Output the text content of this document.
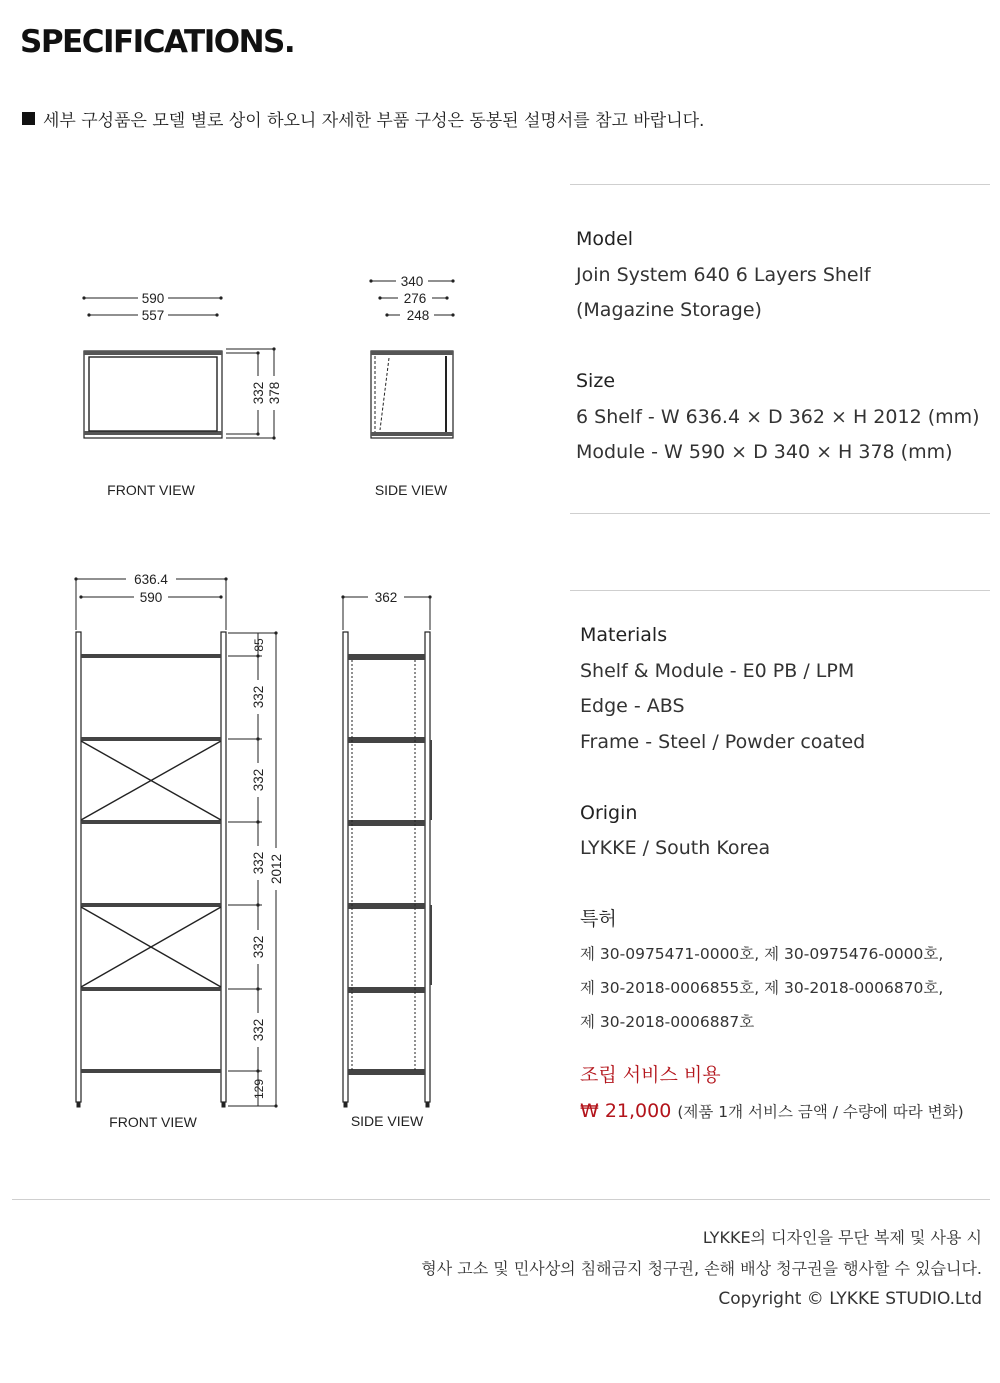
SPECIFICATIONS.
세부 구성품은 모델 별로 상이 하오니 자세한 부품 구성은 동봉된 설명서를 참고 바랍니다.
590
557
332 378
FRONT VIEW
340
276
248
SIDE VIEW
636.4
590
85
332
332
332
332
332
129
2012
FRONT VIEW
362
SIDE VIEW
Model
Join System 640 6 Layers Shelf
(Magazine Storage)
Size
6 Shelf - W 636.4 × D 362 × H 2012 (mm)
Module - W 590 × D 340 × H 378 (mm)
Materials
Shelf & Module - E0 PB / LPM
Edge - ABS
Frame - Steel / Powder coated
Origin
LYKKE / South Korea
특허
제 30-0975471-0000호, 제 30-0975476-0000호,
제 30-2018-0006855호, 제 30-2018-0006870호,
제 30-2018-0006887호
조립 서비스 비용
₩ 21,000 (제품 1개 서비스 금액 / 수량에 따라 변화)
LYKKE의 디자인을 무단 복제 및 사용 시
형사 고소 및 민사상의 침해금지 청구권, 손해 배상 청구권을 행사할 수 있습니다.
Copyright © LYKKE STUDIO.Ltd
